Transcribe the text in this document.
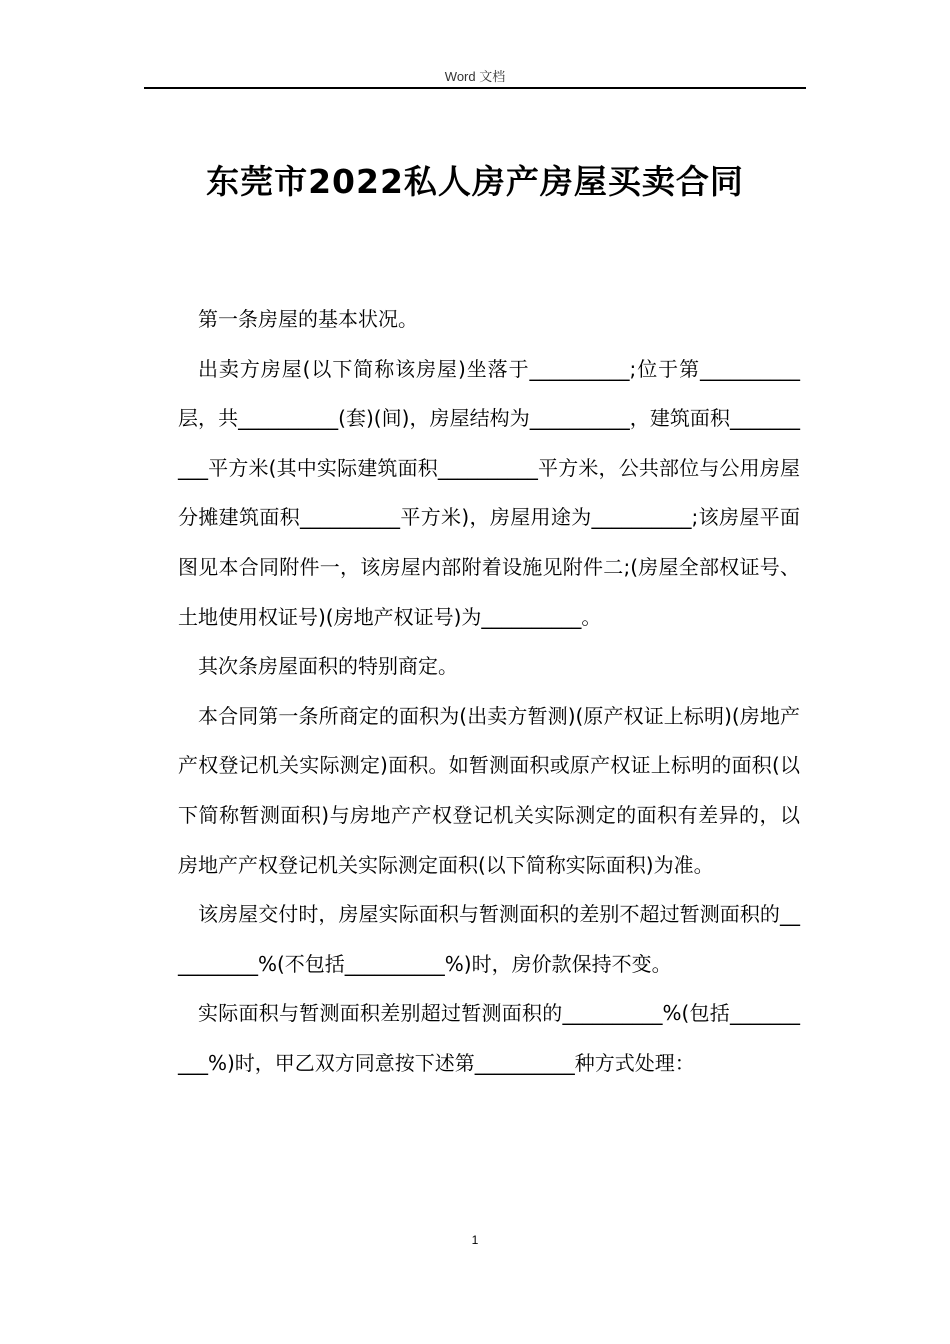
Word 文档
东莞市2022私人房产房屋买卖合同

第一条房屋的基本状况。

出卖方房屋(以下简称该房屋)坐落于__________;位于第__________层，共__________(套)(间)，房屋结构为__________，建筑面积__________平方米(其中实际建筑面积__________平方米，公共部位与公用房屋分摊建筑面积__________平方米)，房屋用途为__________;该房屋平面图见本合同附件一，该房屋内部附着设施见附件二;(房屋全部权证号、土地使用权证号)(房地产权证号)为__________。

其次条房屋面积的特别商定。

本合同第一条所商定的面积为(出卖方暂测)(原产权证上标明)(房地产产权登记机关实际测定)面积。如暂测面积或原产权证上标明的面积(以下简称暂测面积)与房地产产权登记机关实际测定的面积有差异的，以房地产产权登记机关实际测定面积(以下简称实际面积)为准。

该房屋交付时，房屋实际面积与暂测面积的差别不超过暂测面积的__________%(不包括__________%)时，房价款保持不变。

实际面积与暂测面积差别超过暂测面积的__________%(包括__________%)时，甲乙双方同意按下述第__________种方式处理：

1
